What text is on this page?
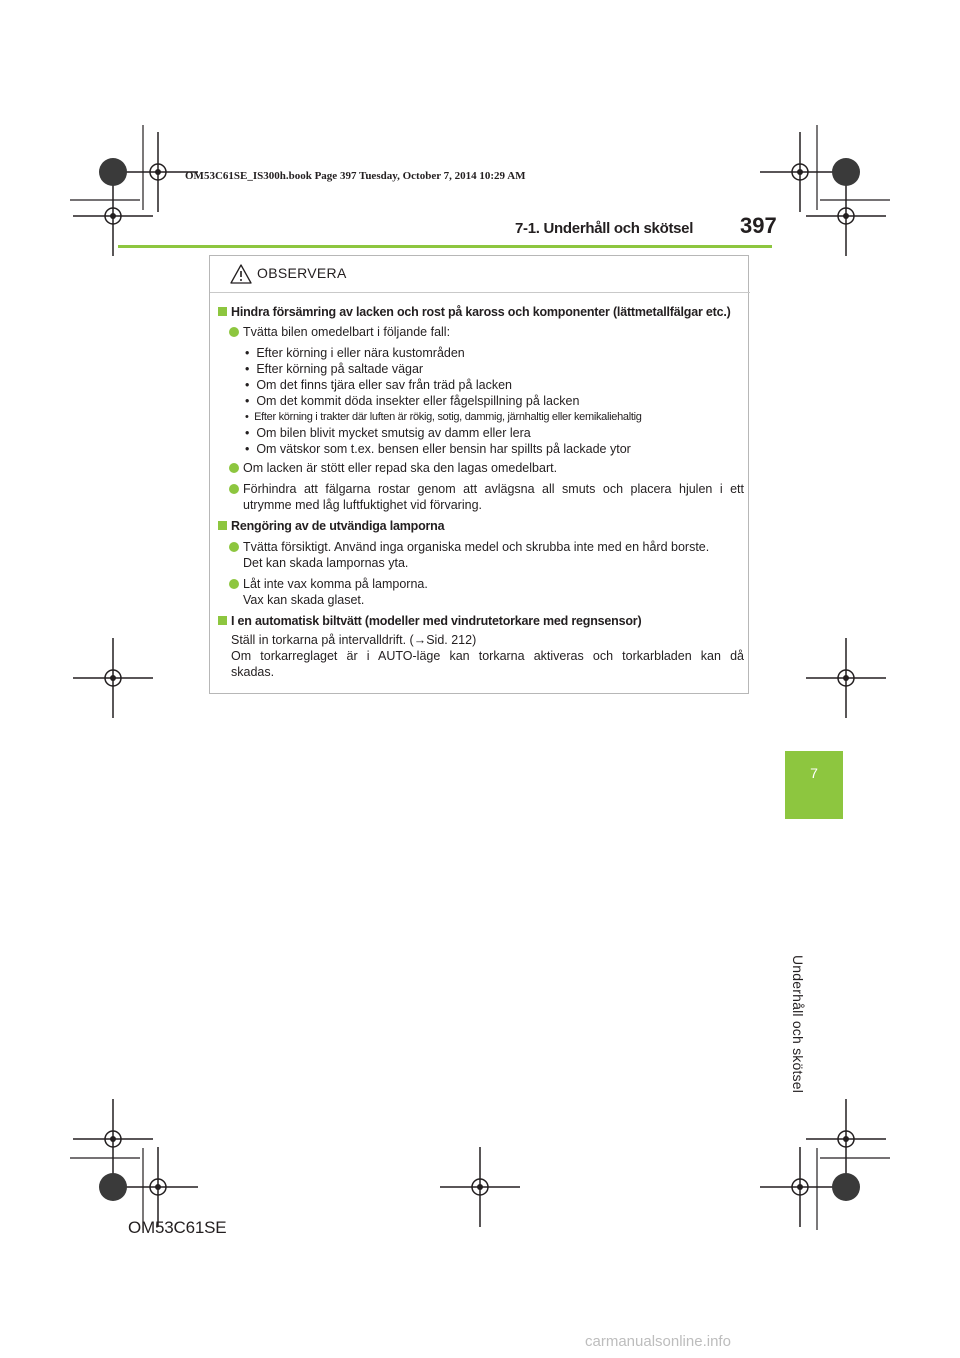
OM53C61SE_IS300h.book Page 397 Tuesday, October 7, 2014 10:29 AM
7-1. Underhåll och skötsel 397
7
Underhåll och skötsel
OBSERVERA
Hindra försämring av lacken och rost på kaross och komponenter (lättmetallfälgar etc.)
Tvätta bilen omedelbart i följande fall:
•  Efter körning i eller nära kustområden
•  Efter körning på saltade vägar
•  Om det finns tjära eller sav från träd på lacken
•  Om det kommit döda insekter eller fågelspillning på lacken
•  Efter körning i trakter där luften är rökig, sotig, dammig, järnhaltig eller kemikaliehaltig
•  Om bilen blivit mycket smutsig av damm eller lera
•  Om vätskor som t.ex. bensen eller bensin har spillts på lackade ytor
Om lacken är stött eller repad ska den lagas omedelbart.
Förhindra att fälgarna rostar genom att avlägsna all smuts och placera hjulen i ett
utrymme med låg luftfuktighet vid förvaring.
Rengöring av de utvändiga lamporna
Tvätta försiktigt. Använd inga organiska medel och skrubba inte med en hård borste.
Det kan skada lampornas yta.
Låt inte vax komma på lamporna.
Vax kan skada glaset.
I en automatisk biltvätt (modeller med vindrutetorkare med regnsensor)
Ställ in torkarna på intervalldrift. (→Sid. 212)
Om torkarreglaget är i AUTO-läge kan torkarna aktiveras och torkarbladen kan då
skadas.
OM53C61SE
carmanualsonline.info
